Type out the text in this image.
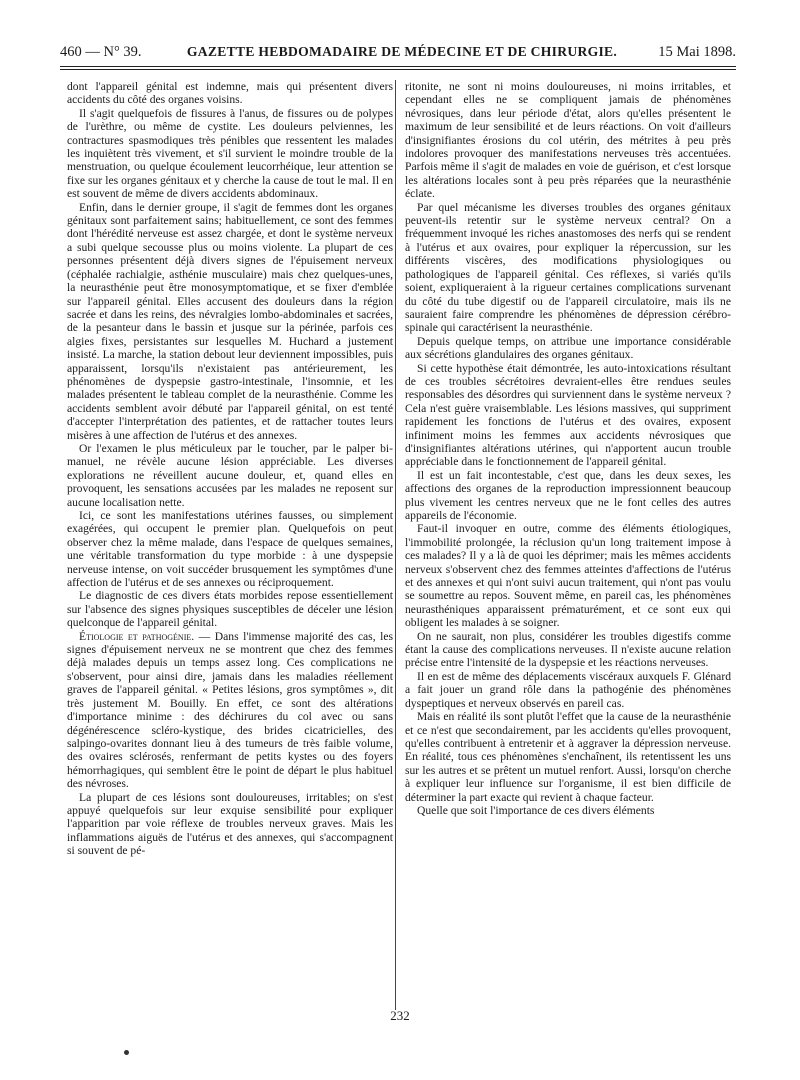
460 — N° 39.	GAZETTE HEBDOMADAIRE DE MÉDECINE ET DE CHIRURGIE.	15 Mai 1898.

dont l'appareil génital est indemne, mais qui présentent divers accidents du côté des organes voisins.

Il s'agit quelquefois de fissures à l'anus, de fissures ou de polypes de l'urèthre, ou même de cystite. Les douleurs pelviennes, les contractures spasmodiques très pénibles que ressentent les malades les inquiètent très vivement, et s'il survient le moindre trouble de la menstruation, ou quelque écoulement leucorrhéique, leur attention se fixe sur les organes génitaux et y cherche la cause de tout le mal. Il en est souvent de même de divers accidents abdominaux.

Enfin, dans le dernier groupe, il s'agit de femmes dont les organes génitaux sont parfaitement sains; habituellement, ce sont des femmes dont l'hérédité nerveuse est assez chargée, et dont le système nerveux a subi quelque secousse plus ou moins violente. La plupart de ces personnes présentent déjà divers signes de l'épuisement nerveux (céphalée rachialgie, asthénie musculaire) mais chez quelques-unes, la neurasthénie peut être monosymptomatique, et se fixer d'emblée sur l'appareil génital. Elles accusent des douleurs dans la région sacrée et dans les reins, des névralgies lombo-abdominales et sacrées, de la pesanteur dans le bassin et jusque sur la périnée, parfois ces algies fixes, persistantes sur lesquelles M. Huchard a justement insisté. La marche, la station debout leur deviennent impossibles, puis apparaissent, lorsqu'ils n'existaient pas antérieurement, les phénomènes de dyspepsie gastro-intestinale, l'insomnie, et les malades présentent le tableau complet de la neurasthénie. Comme les accidents semblent avoir débuté par l'appareil génital, on est tenté d'accepter l'interprétation des patientes, et de rattacher toutes leurs misères à une affection de l'utérus et des annexes.

Or l'examen le plus méticuleux par le toucher, par le palper bi-manuel, ne révèle aucune lésion appréciable. Les diverses explorations ne réveillent aucune douleur, et, quand elles en provoquent, les sensations accusées par les malades ne reposent sur aucune localisation nette.

Ici, ce sont les manifestations utérines fausses, ou simplement exagérées, qui occupent le premier plan. Quelquefois on peut observer chez la même malade, dans l'espace de quelques semaines, une véritable transformation du type morbide : à une dyspepsie nerveuse intense, on voit succéder brusquement les symptômes d'une affection de l'utérus et de ses annexes ou réciproquement.

Le diagnostic de ces divers états morbides repose essentiellement sur l'absence des signes physiques susceptibles de déceler une lésion quelconque de l'appareil génital.

Étiologie et pathogénie. — Dans l'immense majorité des cas, les signes d'épuisement nerveux ne se montrent que chez des femmes déjà malades depuis un temps assez long. Ces complications ne s'observent, pour ainsi dire, jamais dans les maladies réellement graves de l'appareil génital. « Petites lésions, gros symptômes », dit très justement M. Bouilly. En effet, ce sont des altérations d'importance minime : des déchirures du col avec ou sans dégénérescence scléro-kystique, des brides cicatricielles, des salpingo-ovarites donnant lieu à des tumeurs de très faible volume, des ovaires sclérosés, renfermant de petits kystes ou des foyers hémorrhagiques, qui semblent être le point de départ le plus habituel des névroses.

La plupart de ces lésions sont douloureuses, irritables; on s'est appuyé quelquefois sur leur exquise sensibilité pour expliquer l'apparition par voie réflexe de troubles nerveux graves. Mais les inflammations aiguës de l'utérus et des annexes, qui s'accompagnent si souvent de pé-

ritonite, ne sont ni moins douloureuses, ni moins irritables, et cependant elles ne se compliquent jamais de phénomènes névrosiques, dans leur période d'état, alors qu'elles présentent le maximum de leur sensibilité et de leurs réactions. On voit d'ailleurs d'insignifiantes érosions du col utérin, des métrites à peu près indolores provoquer des manifestations nerveuses très accentuées. Parfois même il s'agit de malades en voie de guérison, et c'est lorsque les altérations locales sont à peu près réparées que la neurasthénie éclate.

Par quel mécanisme les diverses troubles des organes génitaux peuvent-ils retentir sur le système nerveux central? On a fréquemment invoqué les riches anastomoses des nerfs qui se rendent à l'utérus et aux ovaires, pour expliquer la répercussion, sur les différents viscères, des modifications physiologiques ou pathologiques de l'appareil génital. Ces réflexes, si variés qu'ils soient, expliqueraient à la rigueur certaines complications survenant du côté du tube digestif ou de l'appareil circulatoire, mais ils ne sauraient faire comprendre les phénomènes de dépression cérébro-spinale qui caractérisent la neurasthénie.

Depuis quelque temps, on attribue une importance considérable aux sécrétions glandulaires des organes génitaux.

Si cette hypothèse était démontrée, les auto-intoxications résultant de ces troubles sécrétoires devraient-elles être rendues seules responsables des désordres qui surviennent dans le système nerveux ? Cela n'est guère vraisemblable. Les lésions massives, qui suppriment rapidement les fonctions de l'utérus et des ovaires, exposent infiniment moins les femmes aux accidents névrosiques que d'insignifiantes altérations utérines, qui n'apportent aucun trouble appréciable dans le fonctionnement de l'appareil génital.

Il est un fait incontestable, c'est que, dans les deux sexes, les affections des organes de la reproduction impressionnent beaucoup plus vivement les centres nerveux que ne le font celles des autres appareils de l'économie.

Faut-il invoquer en outre, comme des éléments étiologiques, l'immobilité prolongée, la réclusion qu'un long traitement impose à ces malades? Il y a là de quoi les déprimer; mais les mêmes accidents nerveux s'observent chez des femmes atteintes d'affections de l'utérus et des annexes et qui n'ont suivi aucun traitement, qui n'ont pas voulu se soumettre au repos. Souvent même, en pareil cas, les phénomènes neurasthéniques apparaissent prématurément, et ce sont eux qui obligent les malades à se soigner.

On ne saurait, non plus, considérer les troubles digestifs comme étant la cause des complications nerveuses. Il n'existe aucune relation précise entre l'intensité de la dyspepsie et les réactions nerveuses.

Il en est de même des déplacements viscéraux auxquels F. Glénard a fait jouer un grand rôle dans la pathogénie des phénomènes dyspeptiques et nerveux observés en pareil cas.

Mais en réalité ils sont plutôt l'effet que la cause de la neurasthénie et ce n'est que secondairement, par les accidents qu'elles provoquent, qu'elles contribuent à entretenir et à aggraver la dépression nerveuse. En réalité, tous ces phénomènes s'enchaînent, ils retentissent les uns sur les autres et se prêtent un mutuel renfort. Aussi, lorsqu'on cherche à expliquer leur influence sur l'organisme, il est bien difficile de déterminer la part exacte qui revient à chaque facteur.

Quelle que soit l'importance de ces divers éléments

232
